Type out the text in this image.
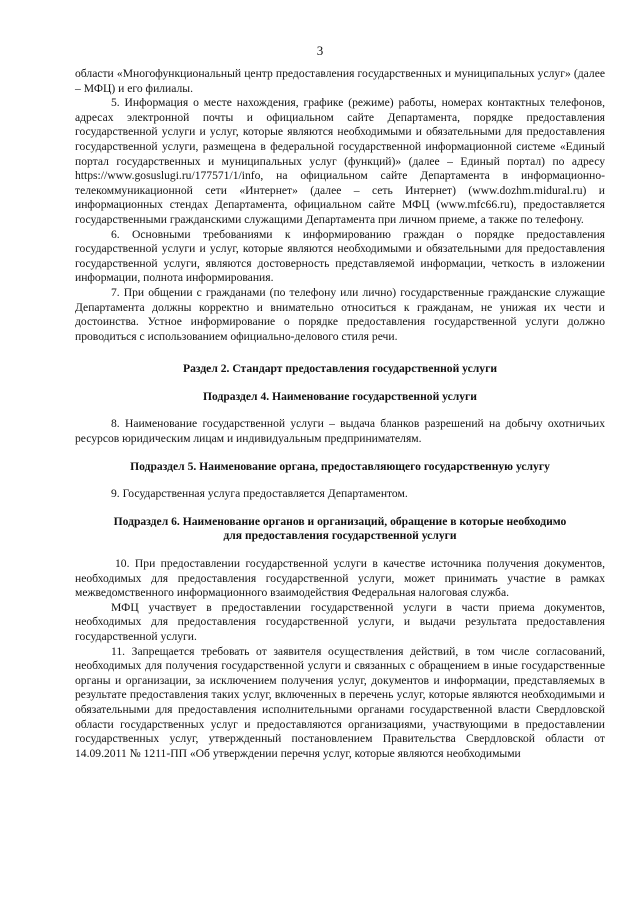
3

области «Многофункциональный центр предоставления государственных и муниципальных услуг» (далее – МФЦ) и его филиалы.

5. Информация о месте нахождения, графике (режиме) работы, номерах контактных телефонов, адресах электронной почты и официальном сайте Департамента, порядке предоставления государственной услуги и услуг, которые являются необходимыми и обязательными для предоставления государственной услуги, размещена в федеральной государственной информационной системе «Единый портал государственных и муниципальных услуг (функций)» (далее – Единый портал) по адресу https://www.gosuslugi.ru/177571/1/info, на официальном сайте Департамента в информационно-телекоммуникационной сети «Интернет» (далее – сеть Интернет) (www.dozhm.midural.ru) и информационных стендах Департамента, официальном сайте МФЦ (www.mfc66.ru), предоставляется государственными гражданскими служащими Департамента при личном приеме, а также по телефону.

6. Основными требованиями к информированию граждан о порядке предоставления государственной услуги и услуг, которые являются необходимыми и обязательными для предоставления государственной услуги, являются достоверность представляемой информации, четкость в изложении информации, полнота информирования.

7. При общении с гражданами (по телефону или лично) государственные гражданские служащие Департамента должны корректно и внимательно относиться к гражданам, не унижая их чести и достоинства. Устное информирование о порядке предоставления государственной услуги должно проводиться с использованием официально-делового стиля речи.

Раздел 2. Стандарт предоставления государственной услуги

Подраздел 4. Наименование государственной услуги

8. Наименование государственной услуги – выдача бланков разрешений на добычу охотничьих ресурсов юридическим лицам и индивидуальным предпринимателям.

Подраздел 5. Наименование органа, предоставляющего государственную услугу

9. Государственная услуга предоставляется Департаментом.

Подраздел 6. Наименование органов и организаций, обращение в которые необходимо

для предоставления государственной услуги

10. При предоставлении государственной услуги в качестве источника получения документов, необходимых для предоставления государственной услуги, может принимать участие в рамках межведомственного информационного взаимодействия Федеральная налоговая служба.

МФЦ участвует в предоставлении государственной услуги в части приема документов, необходимых для предоставления государственной услуги, и выдачи результата предоставления государственной услуги.

11. Запрещается требовать от заявителя осуществления действий, в том числе согласований, необходимых для получения государственной услуги и связанных с обращением в иные государственные органы и организации, за исключением получения услуг, документов и информации, представляемых в результате предоставления таких услуг, включенных в перечень услуг, которые являются необходимыми и обязательными для предоставления исполнительными органами государственной власти Свердловской области государственных услуг и предоставляются организациями, участвующими в предоставлении государственных услуг, утвержденный постановлением Правительства Свердловской области от 14.09.2011 № 1211-ПП «Об утверждении перечня услуг, которые являются необходимыми
